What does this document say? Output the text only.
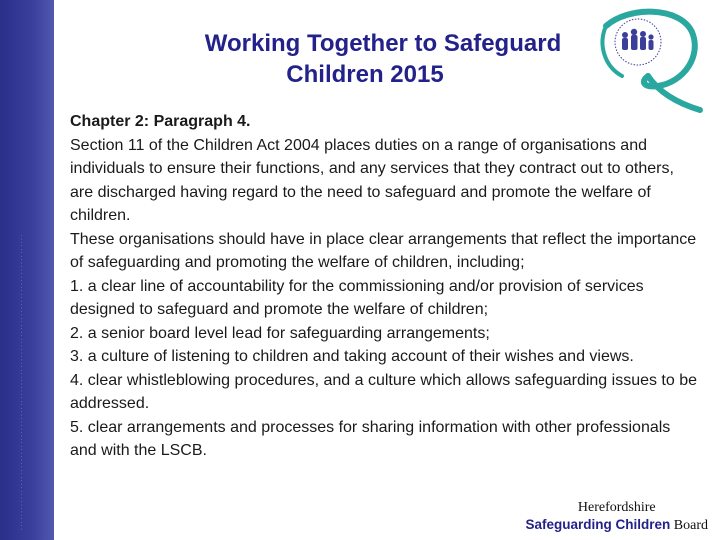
· · · · · · · · · · · · · · · · · · · · · · · · · · · · · · · · · · · · · · · · · · · · · · · · · · · · · · · · · · · · · · · · · · · · · · · · · · · · · · · · · · · · · ·
Working Together to Safeguard
Children 2015

Chapter 2: Paragraph 4.

Section 11 of the Children Act 2004 places duties on a range of organisations and individuals to ensure their functions, and any services that they contract out to others, are discharged having regard to the need to safeguard and promote the welfare of children.

These organisations should have in place clear arrangements that reflect the importance of safeguarding and promoting the welfare of children, including;

1. a clear line of accountability for the commissioning and/or provision of services designed to safeguard and promote the welfare of children;

2. a senior board level lead for safeguarding arrangements;

3. a culture of listening to children and taking account of their wishes and views.

4. clear whistleblowing procedures, and a culture which allows safeguarding issues to be addressed.

5. clear arrangements and processes for sharing information with other professionals and with the LSCB.

Herefordshire
Safeguarding Children Board
